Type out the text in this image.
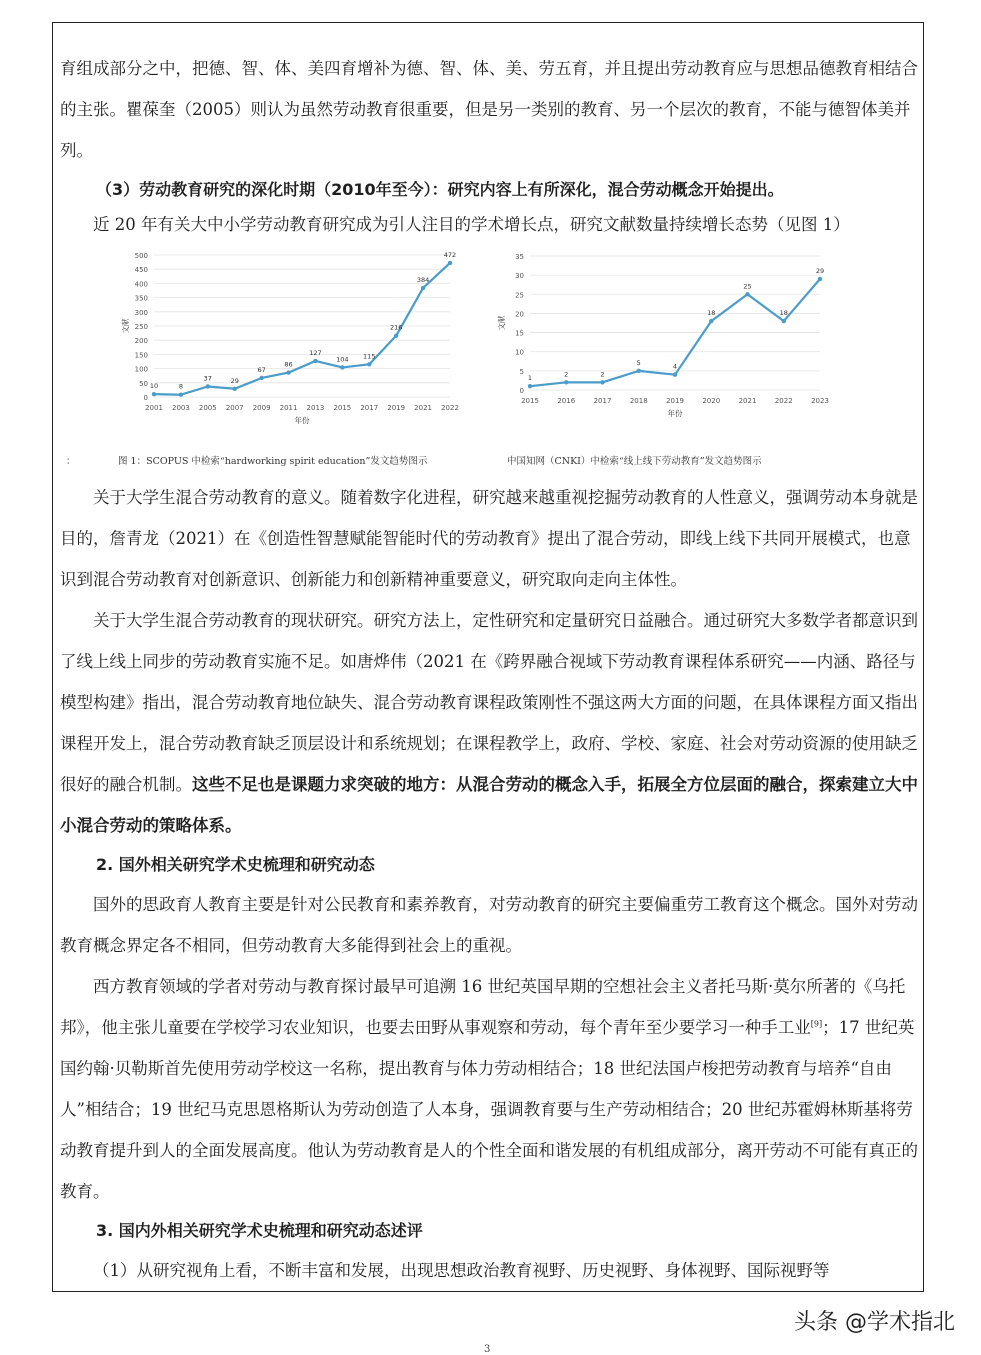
育组成部分之中，把德、智、体、美四育增补为德、智、体、美、劳五育，并且提出劳动教育应与思想品德教育相结合的主张。瞿葆奎（2005）则认为虽然劳动教育很重要，但是另一类别的教育、另一个层次的教育，不能与德智体美并列。

（3）劳动教育研究的深化时期（2010年至今）：研究内容上有所深化，混合劳动概念开始提出。

近 20 年有关大中小学劳动教育研究成为引人注目的学术增长点，研究文献数量持续增长态势（见图 1）

0
50
100
150
200
250
300
350
400
450
500
2001 2003 2005 2007 2009 2011 2013 2015 2017 2019 2021 2022
年份
文献
10	8
37	29
67
86
127
104 115
216
384
472
0
5
10
15
20
25
30
35
2015	2016	2017	2018	2019	2020	2021	2022	2023
年份
文献
1	2	2
5	4
18
25
18
29
：	图 1：SCOPUS 中检索“hardworking spirit education”发文趋势图示	中国知网（CNKI）中检索“线上线下劳动教育”发文趋势图示

关于大学生混合劳动教育的意义。随着数字化进程，研究越来越重视挖掘劳动教育的人性意义，强调劳动本身就是目的，詹青龙（2021）在《创造性智慧赋能智能时代的劳动教育》提出了混合劳动，即线上线下共同开展模式，也意识到混合劳动教育对创新意识、创新能力和创新精神重要意义，研究取向走向主体性。

关于大学生混合劳动教育的现状研究。研究方法上，定性研究和定量研究日益融合。通过研究大多数学者都意识到了线上线上同步的劳动教育实施不足。如唐烨伟（2021 在《跨界融合视域下劳动教育课程体系研究——内涵、路径与模型构建》指出，混合劳动教育地位缺失、混合劳动教育课程政策刚性不强这两大方面的问题，在具体课程方面又指出课程开发上，混合劳动教育缺乏顶层设计和系统规划；在课程教学上，政府、学校、家庭、社会对劳动资源的使用缺乏很好的融合机制。这些不足也是课题力求突破的地方：从混合劳动的概念入手，拓展全方位层面的融合，探索建立大中小混合劳动的策略体系。

2. 国外相关研究学术史梳理和研究动态

国外的思政育人教育主要是针对公民教育和素养教育，对劳动教育的研究主要偏重劳工教育这个概念。国外对劳动教育概念界定各不相同，但劳动教育大多能得到社会上的重视。

西方教育领域的学者对劳动与教育探讨最早可追溯 16 世纪英国早期的空想社会主义者托马斯·莫尔所著的《乌托邦》，他主张儿童要在学校学习农业知识，也要去田野从事观察和劳动，每个青年至少要学习一种手工业[9]；17 世纪英国约翰·贝勒斯首先使用劳动学校这一名称，提出教育与体力劳动相结合；18 世纪法国卢梭把劳动教育与培养“自由人”相结合；19 世纪马克思恩格斯认为劳动创造了人本身，强调教育要与生产劳动相结合；20 世纪苏霍姆林斯基将劳动教育提升到人的全面发展高度。他认为劳动教育是人的个性全面和谐发展的有机组成部分，离开劳动不可能有真正的教育。

3. 国内外相关研究学术史梳理和研究动态述评

（1）从研究视角上看，不断丰富和发展，出现思想政治教育视野、历史视野、身体视野、国际视野等

头条 @学术指北
3
